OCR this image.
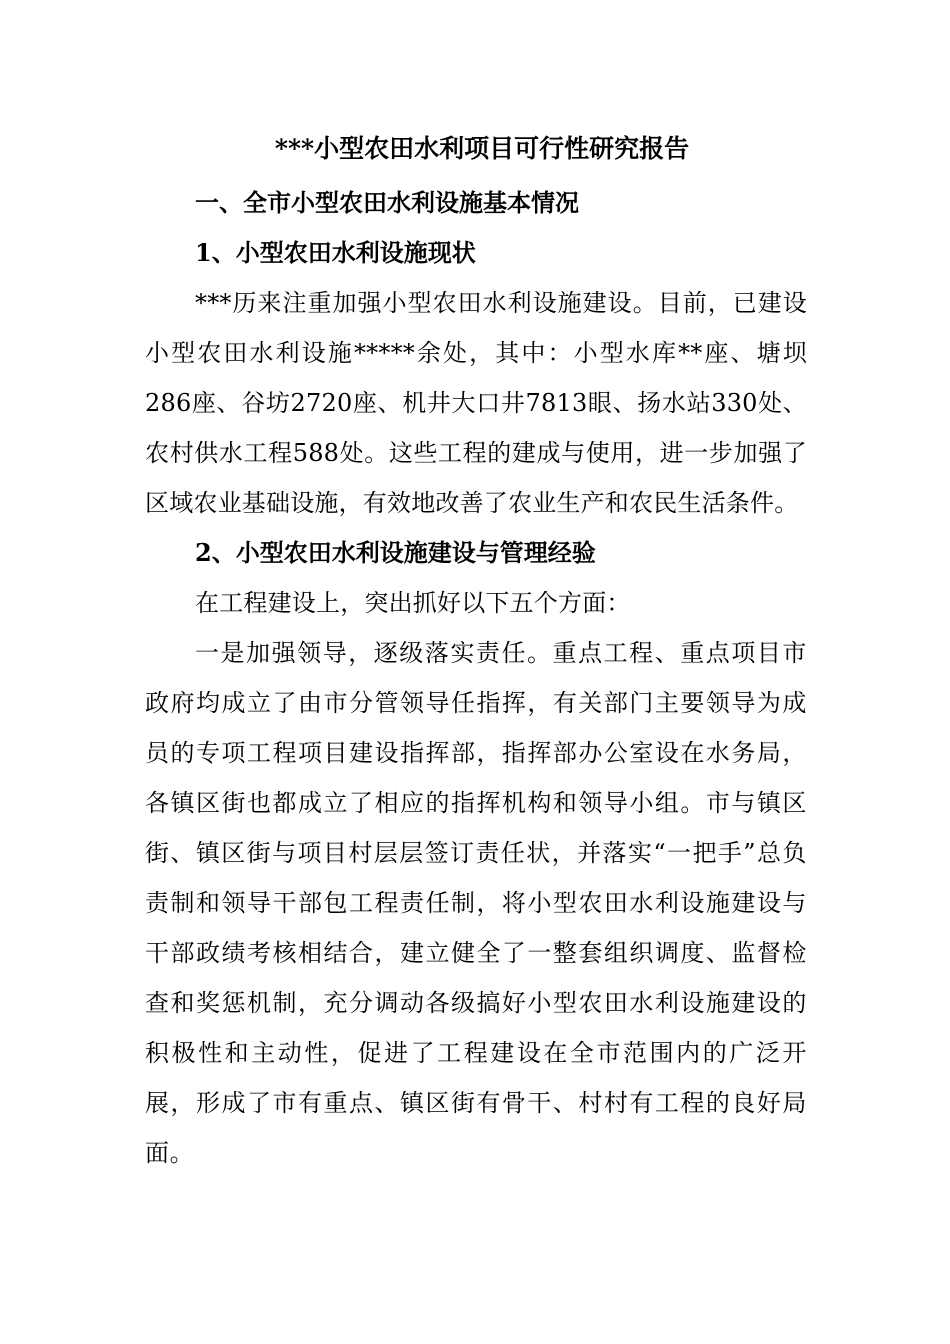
***小型农田水利项目可行性研究报告

一、全市小型农田水利设施基本情况

1、小型农田水利设施现状

***历来注重加强小型农田水利设施建设。目前，已建设小型农田水利设施*****余处，其中：小型水库**座、塘坝286座、谷坊2720座、机井大口井7813眼、扬水站330处、农村供水工程588处。这些工程的建成与使用，进一步加强了区域农业基础设施，有效地改善了农业生产和农民生活条件。

2、小型农田水利设施建设与管理经验

在工程建设上，突出抓好以下五个方面：

一是加强领导，逐级落实责任。重点工程、重点项目市政府均成立了由市分管领导任指挥，有关部门主要领导为成员的专项工程项目建设指挥部，指挥部办公室设在水务局，各镇区街也都成立了相应的指挥机构和领导小组。市与镇区街、镇区街与项目村层层签订责任状，并落实“一把手”总负责制和领导干部包工程责任制，将小型农田水利设施建设与干部政绩考核相结合，建立健全了一整套组织调度、监督检查和奖惩机制，充分调动各级搞好小型农田水利设施建设的积极性和主动性，促进了工程建设在全市范围内的广泛开展，形成了市有重点、镇区街有骨干、村村有工程的良好局面。
